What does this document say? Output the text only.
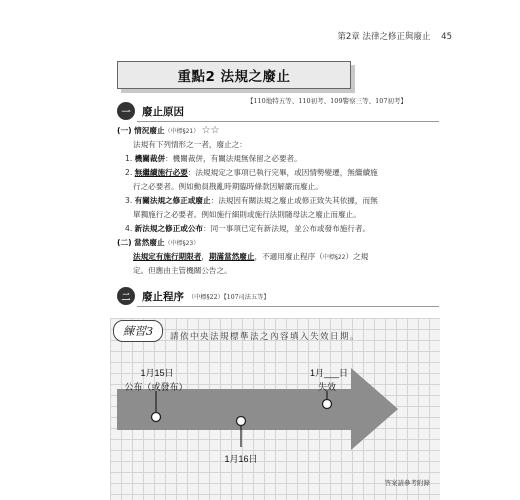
第2章 法律之修正與廢止 45
重點2 法規之廢止
【110地特五等、110初考、109警察三等、107初考】
一	廢止原因
(一) 情況廢止（中標§21） ☆☆
法規有下列情形之一者，廢止之：
1. 機關裁併：機關裁併，有關法規無保留之必要者。
2. 無繼續施行必要：法規規定之事項已執行完畢，或因情勢變遷，無繼續施
行之必要者。例如動員戡亂時期臨時條款因解嚴而廢止。
3. 有關法規之修正或廢止：法規因有關法規之廢止或修正致失其依據，而無
單獨施行之必要者。例如施行細則或施行法則隨母法之廢止而廢止。
4. 新法規之修正或公布：同一事項已定有新法規，並公布或發布施行者。
(二) 當然廢止（中標§23）
法規定有施行期限者，期滿當然廢止，不適用廢止程序（中標§22）之規
定。但應由主管機關公告之。
二	廢止程序 （中標§22）【107司法五等】
練習3	請依中央法規標準法之內容填入失效日期。
1月15日
公布（或發布）
1月16日
1月___日
失效
答案請參考附錄
